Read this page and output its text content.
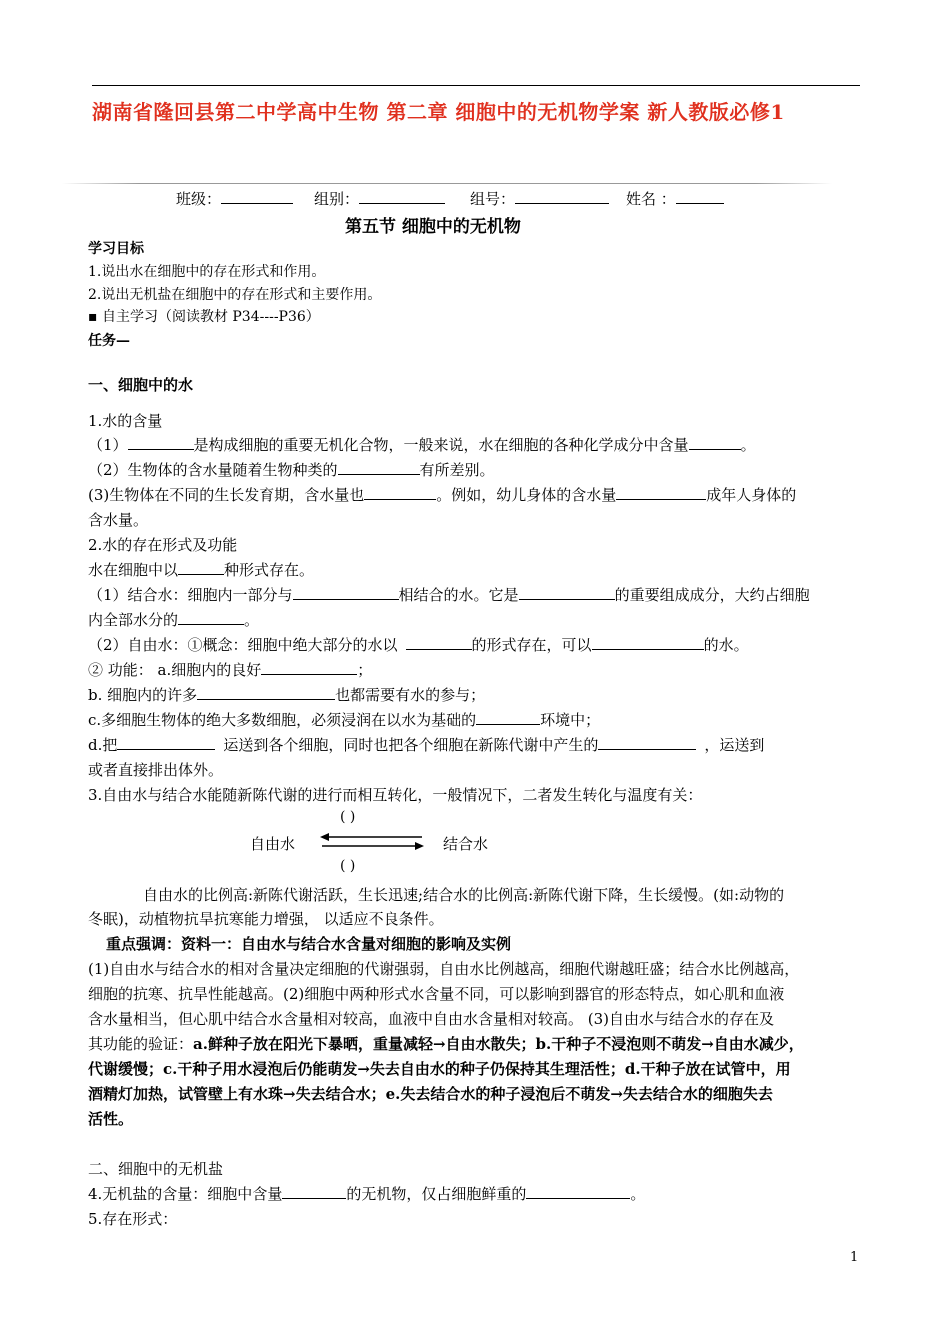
湖南省隆回县第二中学高中生物 第二章 细胞中的无机物学案 新人教版必修1
班级：	组别：	组号：	姓名 ：
第五节 细胞中的无机物
学习目标
1.说出水在细胞中的存在形式和作用。
2.说出无机盐在细胞中的存在形式和主要作用。
▪ 自主学习（阅读教材 P34----P36）
任务—
一、细胞中的水
1.水的含量
（1）	是构成细胞的重要无机化合物，一般来说，水在细胞的各种化学成分中含量	。
（2）生物体的含水量随着生物种类的	有所差别。
(3)生物体在不同的生长发育期，含水量也	。例如，幼儿身体的含水量	成年人身体的
含水量。
2.水的存在形式及功能
水在细胞中以	种形式存在。
（1）结合水：细胞内一部分与	相结合的水。它是	的重要组成成分，大约占细胞
内全部水分的	。
（2）自由水：①概念：细胞中绝大部分的水以	的形式存在，可以	的水。
② 功能： a.细胞内的良好	；
b. 细胞内的许多	也都需要有水的参与；
c.多细胞生物体的绝大多数细胞，必须浸润在以水为基础的	环境中；
d.把	运送到各个细胞，同时也把各个细胞在新陈代谢中产生的	，运送到
或者直接排出体外。
3.自由水与结合水能随新陈代谢的进行而相互转化，一般情况下，二者发生转化与温度有关：
( )
自由水	结合水
( )
自由水的比例高:新陈代谢活跃，生长迅速;结合水的比例高:新陈代谢下降，生长缓慢。(如:动物的
冬眠)，动植物抗旱抗寒能力增强， 以适应不良条件。
重点强调：资料一：自由水与结合水含量对细胞的影响及实例
(1)自由水与结合水的相对含量决定细胞的代谢强弱，自由水比例越高，细胞代谢越旺盛；结合水比例越高，
细胞的抗寒、抗旱性能越高。(2)细胞中两种形式水含量不同，可以影响到器官的形态特点，如心肌和血液
含水量相当，但心肌中结合水含量相对较高，血液中自由水含量相对较高。 (3)自由水与结合水的存在及
其功能的验证：a.鲜种子放在阳光下暴晒，重量减轻→自由水散失；b.干种子不浸泡则不萌发→自由水减少，
代谢缓慢；c.干种子用水浸泡后仍能萌发→失去自由水的种子仍保持其生理活性；d.干种子放在试管中，用
酒精灯加热，试管壁上有水珠→失去结合水；e.失去结合水的种子浸泡后不萌发→失去结合水的细胞失去
活性。
二、细胞中的无机盐
4.无机盐的含量：细胞中含量	的无机物，仅占细胞鲜重的	。
5.存在形式：
1
